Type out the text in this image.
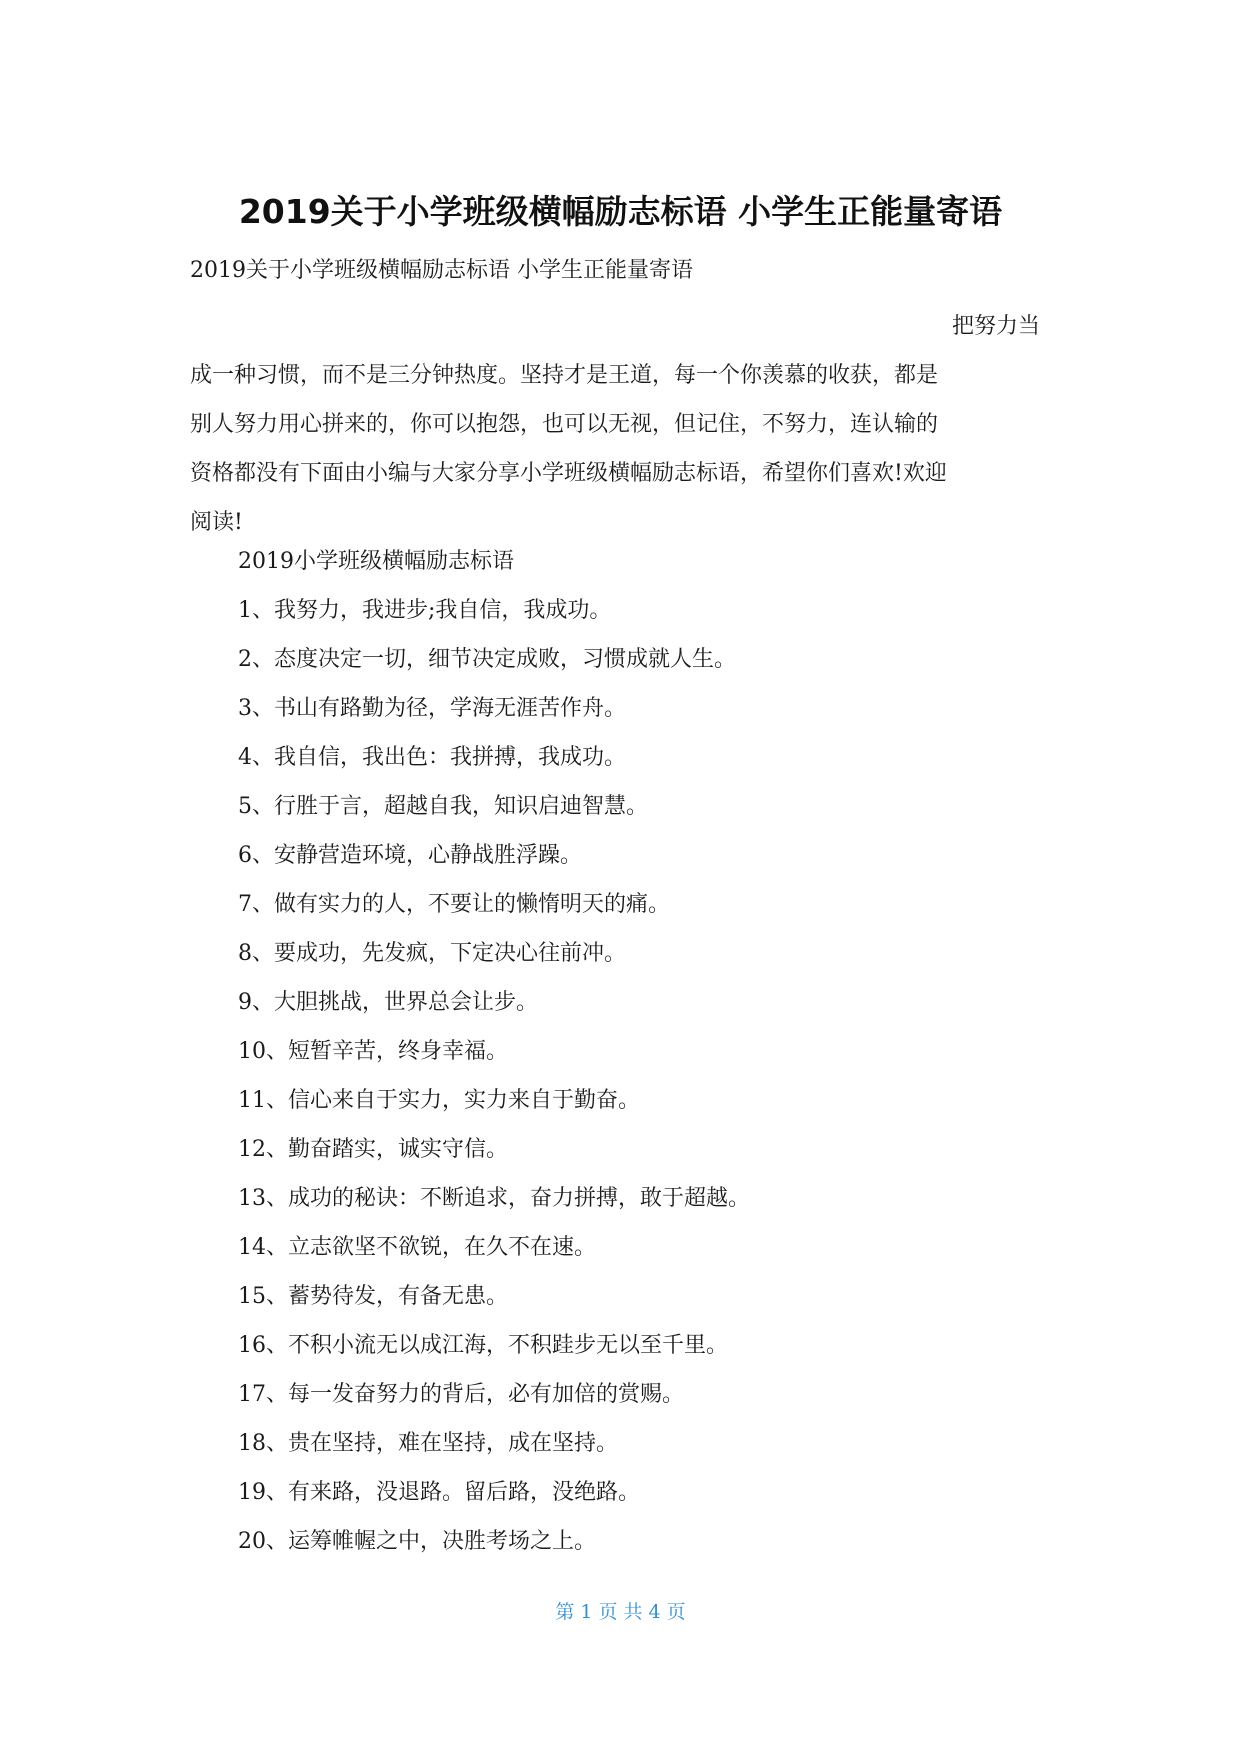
2019关于小学班级横幅励志标语 小学生正能量寄语
2019关于小学班级横幅励志标语 小学生正能量寄语
把努力当
成一种习惯，而不是三分钟热度。坚持才是王道，每一个你羡慕的收获，都是
别人努力用心拼来的，你可以抱怨，也可以无视，但记住，不努力，连认输的
资格都没有下面由小编与大家分享小学班级横幅励志标语，希望你们喜欢!欢迎
阅读!
2019小学班级横幅励志标语
1、我努力，我进步;我自信，我成功。
2、态度决定一切，细节决定成败，习惯成就人生。
3、书山有路勤为径，学海无涯苦作舟。
4、我自信，我出色：我拼搏，我成功。
5、行胜于言，超越自我，知识启迪智慧。
6、安静营造环境，心静战胜浮躁。
7、做有实力的人，不要让的懒惰明天的痛。
8、要成功，先发疯，下定决心往前冲。
9、大胆挑战，世界总会让步。
10、短暂辛苦，终身幸福。
11、信心来自于实力，实力来自于勤奋。
12、勤奋踏实，诚实守信。
13、成功的秘诀：不断追求，奋力拼搏，敢于超越。
14、立志欲坚不欲锐，在久不在速。
15、蓄势待发，有备无患。
16、不积小流无以成江海，不积跬步无以至千里。
17、每一发奋努力的背后，必有加倍的赏赐。
18、贵在坚持，难在坚持，成在坚持。
19、有来路，没退路。留后路，没绝路。
20、运筹帷幄之中，决胜考场之上。
第 1 页 共 4 页
